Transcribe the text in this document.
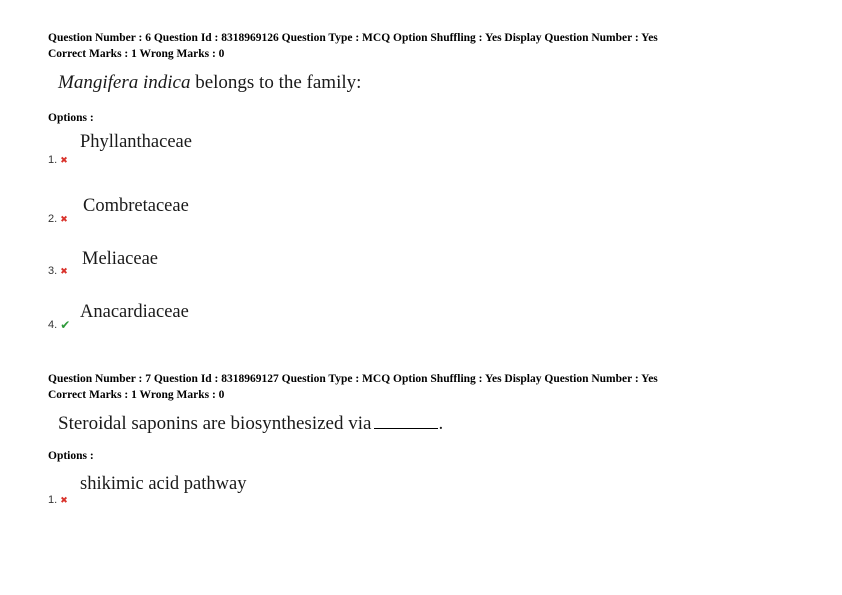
Question Number : 6 Question Id : 8318969126 Question Type : MCQ Option Shuffling : Yes Display Question Number : Yes
Correct Marks : 1 Wrong Marks : 0
Mangifera indica belongs to the family:
Options :
Phyllanthaceae
1. ✖
Combretaceae
2. ✖
Meliaceae
3. ✖
Anacardiaceae
4. ✔
Question Number : 7 Question Id : 8318969127 Question Type : MCQ Option Shuffling : Yes Display Question Number : Yes
Correct Marks : 1 Wrong Marks : 0
Steroidal saponins are biosynthesized via	.
Options :
shikimic acid pathway
1. ✖
